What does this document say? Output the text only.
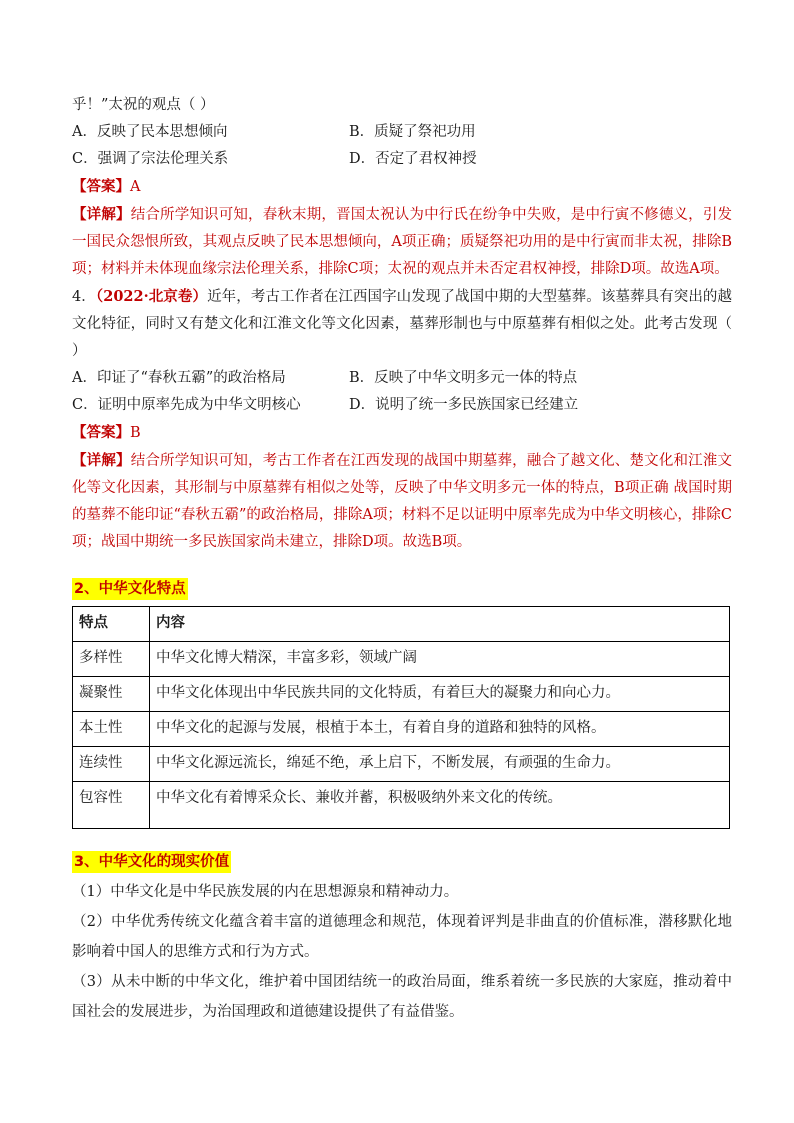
乎！”太祝的观点（ ）
A．反映了民本思想倾向	B．质疑了祭祀功用
C．强调了宗法伦理关系	D．否定了君权神授
【答案】A
【详解】结合所学知识可知，春秋末期，晋国太祝认为中行氏在纷争中失败，是中行寅不修德义，引发一国民众怨恨所致，其观点反映了民本思想倾向，A项正确；质疑祭祀功用的是中行寅而非太祝，排除B项；材料并未体现血缘宗法伦理关系，排除C项；太祝的观点并未否定君权神授，排除D项。故选A项。
4．（2022·北京卷）近年，考古工作者在江西国字山发现了战国中期的大型墓葬。该墓葬具有突出的越文化特征，同时又有楚文化和江淮文化等文化因素，墓葬形制也与中原墓葬有相似之处。此考古发现（ ）
A．印证了“春秋五霸”的政治格局	B．反映了中华文明多元一体的特点
C．证明中原率先成为中华文明核心	D．说明了统一多民族国家已经建立
【答案】B
【详解】结合所学知识可知，考古工作者在江西发现的战国中期墓葬，融合了越文化、楚文化和江淮文化等文化因素，其形制与中原墓葬有相似之处等，反映了中华文明多元一体的特点，B项正确 战国时期的墓葬不能印证“春秋五霸”的政治格局，排除A项；材料不足以证明中原率先成为中华文明核心，排除C项；战国中期统一多民族国家尚未建立，排除D项。故选B项。
2、中华文化特点
特点	内容
多样性	中华文化博大精深，丰富多彩，领域广阔
凝聚性	中华文化体现出中华民族共同的文化特质，有着巨大的凝聚力和向心力。
本土性	中华文化的起源与发展，根植于本土，有着自身的道路和独特的风格。
连续性	中华文化源远流长，绵延不绝，承上启下，不断发展，有顽强的生命力。
包容性	中华文化有着博采众长、兼收并蓄，积极吸纳外来文化的传统。
3、中华文化的现实价值
（1）中华文化是中华民族发展的内在思想源泉和精神动力。
（2）中华优秀传统文化蕴含着丰富的道德理念和规范，体现着评判是非曲直的价值标准，潜移默化地影响着中国人的思维方式和行为方式。
（3）从未中断的中华文化，维护着中国团结统一的政治局面，维系着统一多民族的大家庭，推动着中国社会的发展进步，为治国理政和道德建设提供了有益借鉴。
